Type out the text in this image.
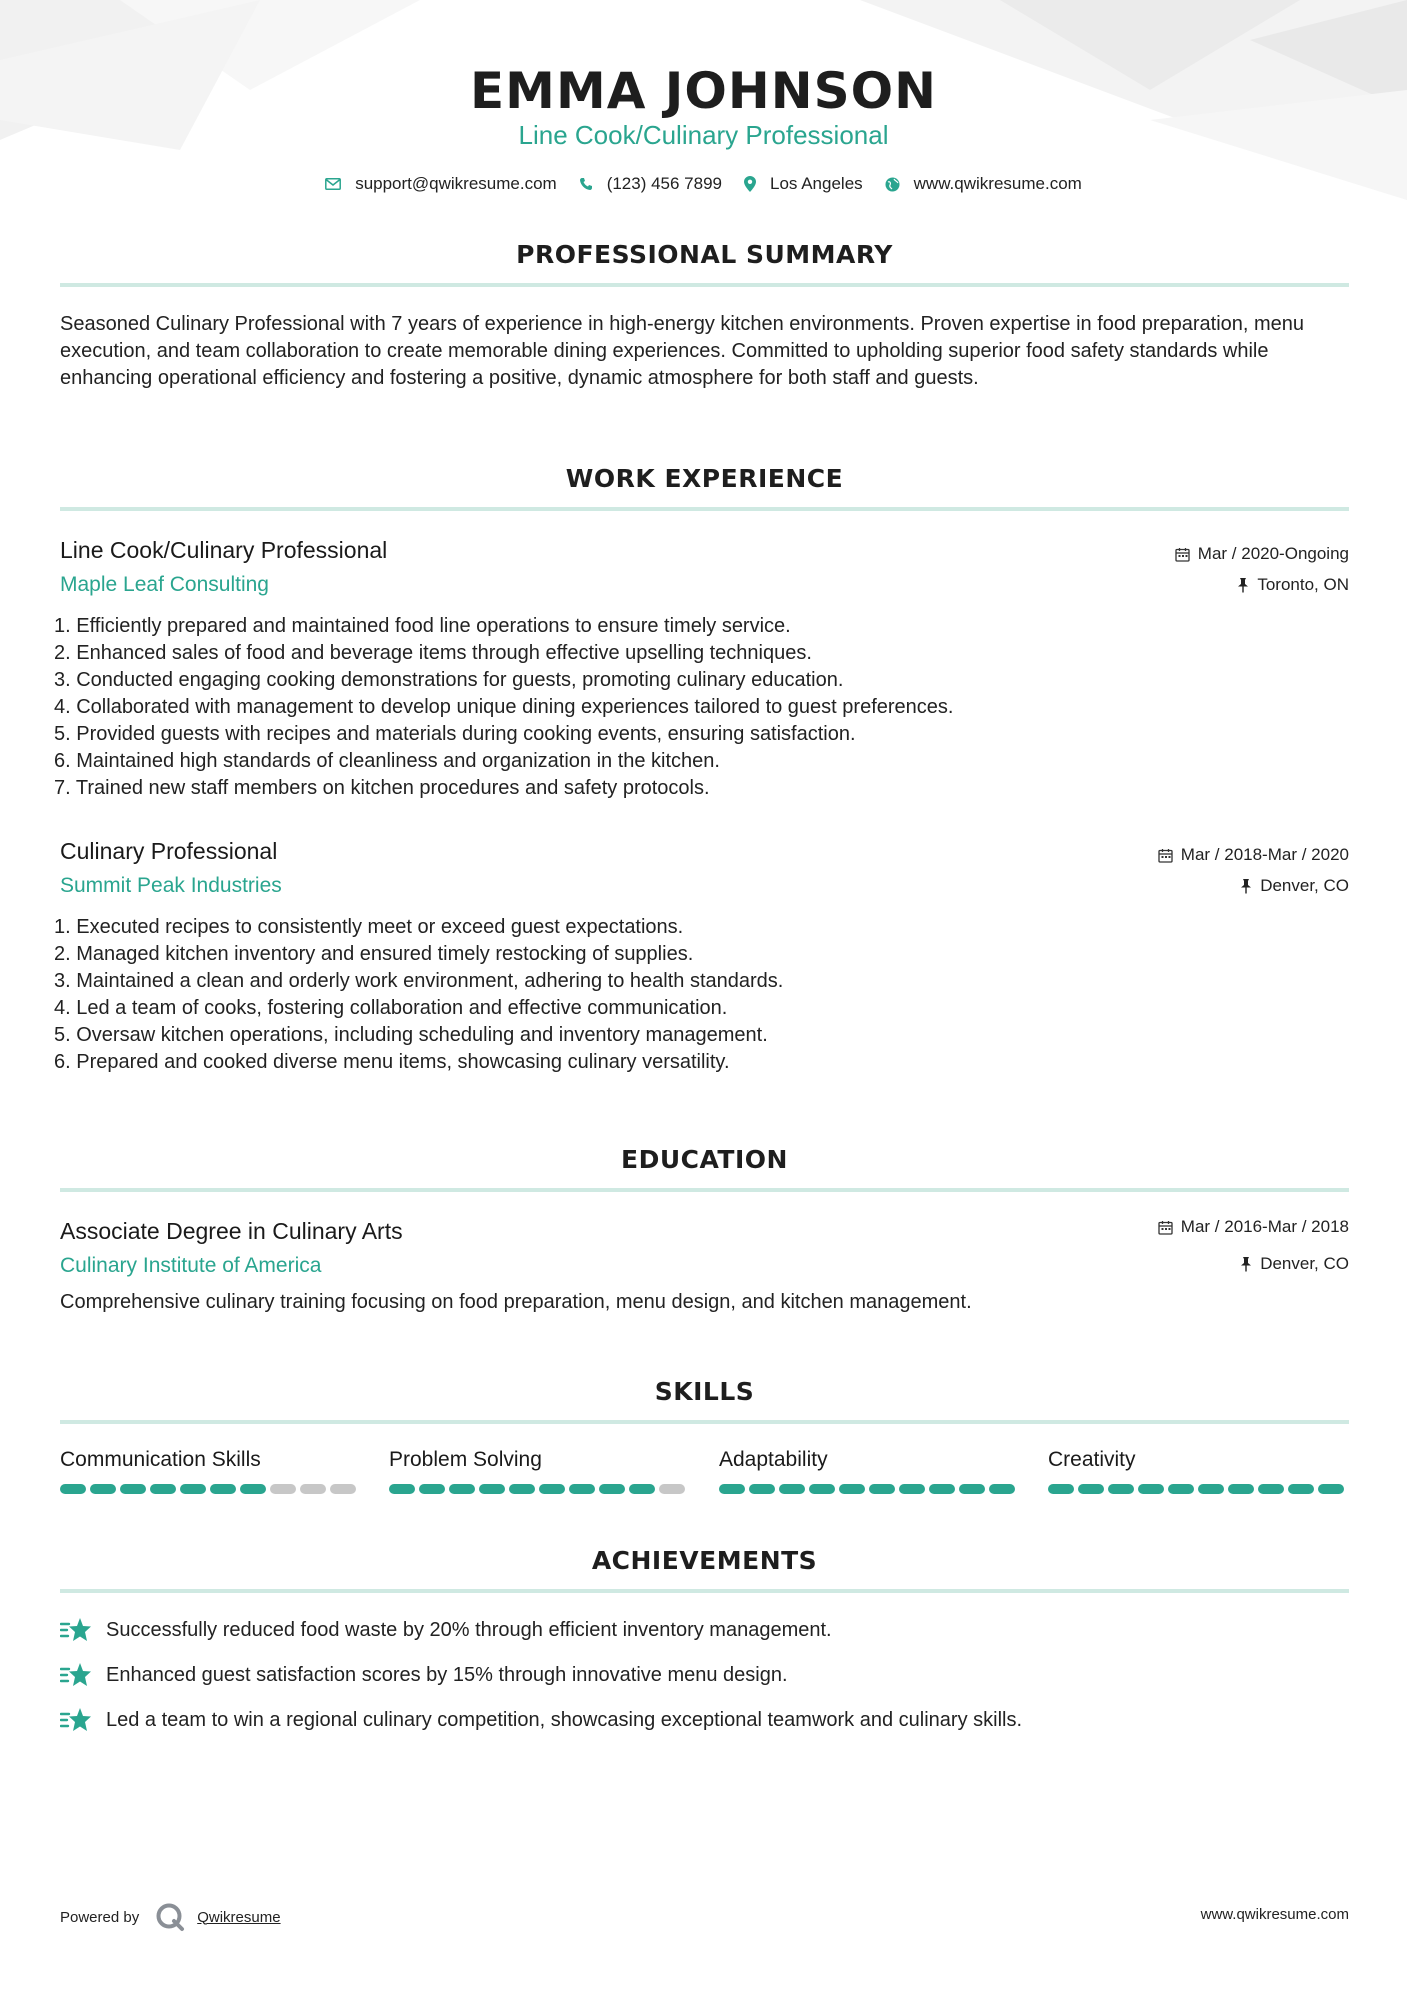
EMMA JOHNSON
Line Cook/Culinary Professional
support@qwikresume.com	(123) 456 7899	Los Angeles	www.qwikresume.com
PROFESSIONAL SUMMARY
Seasoned Culinary Professional with 7 years of experience in high-energy kitchen environments. Proven expertise in food preparation, menu execution, and team collaboration to create memorable dining experiences. Committed to upholding superior food safety standards while enhancing operational efficiency and fostering a positive, dynamic atmosphere for both staff and guests.
WORK EXPERIENCE
Line Cook/Culinary Professional
Maple Leaf Consulting
Mar / 2020-Ongoing
Toronto, ON
1. Efficiently prepared and maintained food line operations to ensure timely service.
2. Enhanced sales of food and beverage items through effective upselling techniques.
3. Conducted engaging cooking demonstrations for guests, promoting culinary education.
4. Collaborated with management to develop unique dining experiences tailored to guest preferences.
5. Provided guests with recipes and materials during cooking events, ensuring satisfaction.
6. Maintained high standards of cleanliness and organization in the kitchen.
7. Trained new staff members on kitchen procedures and safety protocols.
Culinary Professional
Summit Peak Industries
Mar / 2018-Mar / 2020
Denver, CO
1. Executed recipes to consistently meet or exceed guest expectations.
2. Managed kitchen inventory and ensured timely restocking of supplies.
3. Maintained a clean and orderly work environment, adhering to health standards.
4. Led a team of cooks, fostering collaboration and effective communication.
5. Oversaw kitchen operations, including scheduling and inventory management.
6. Prepared and cooked diverse menu items, showcasing culinary versatility.
EDUCATION
Associate Degree in Culinary Arts
Culinary Institute of America
Mar / 2016-Mar / 2018
Denver, CO
Comprehensive culinary training focusing on food preparation, menu design, and kitchen management.
SKILLS
Communication Skills	Problem Solving	Adaptability	Creativity
ACHIEVEMENTS
Successfully reduced food waste by 20% through efficient inventory management.
Enhanced guest satisfaction scores by 15% through innovative menu design.
Led a team to win a regional culinary competition, showcasing exceptional teamwork and culinary skills.
Powered by	Qwikresume	www.qwikresume.com
